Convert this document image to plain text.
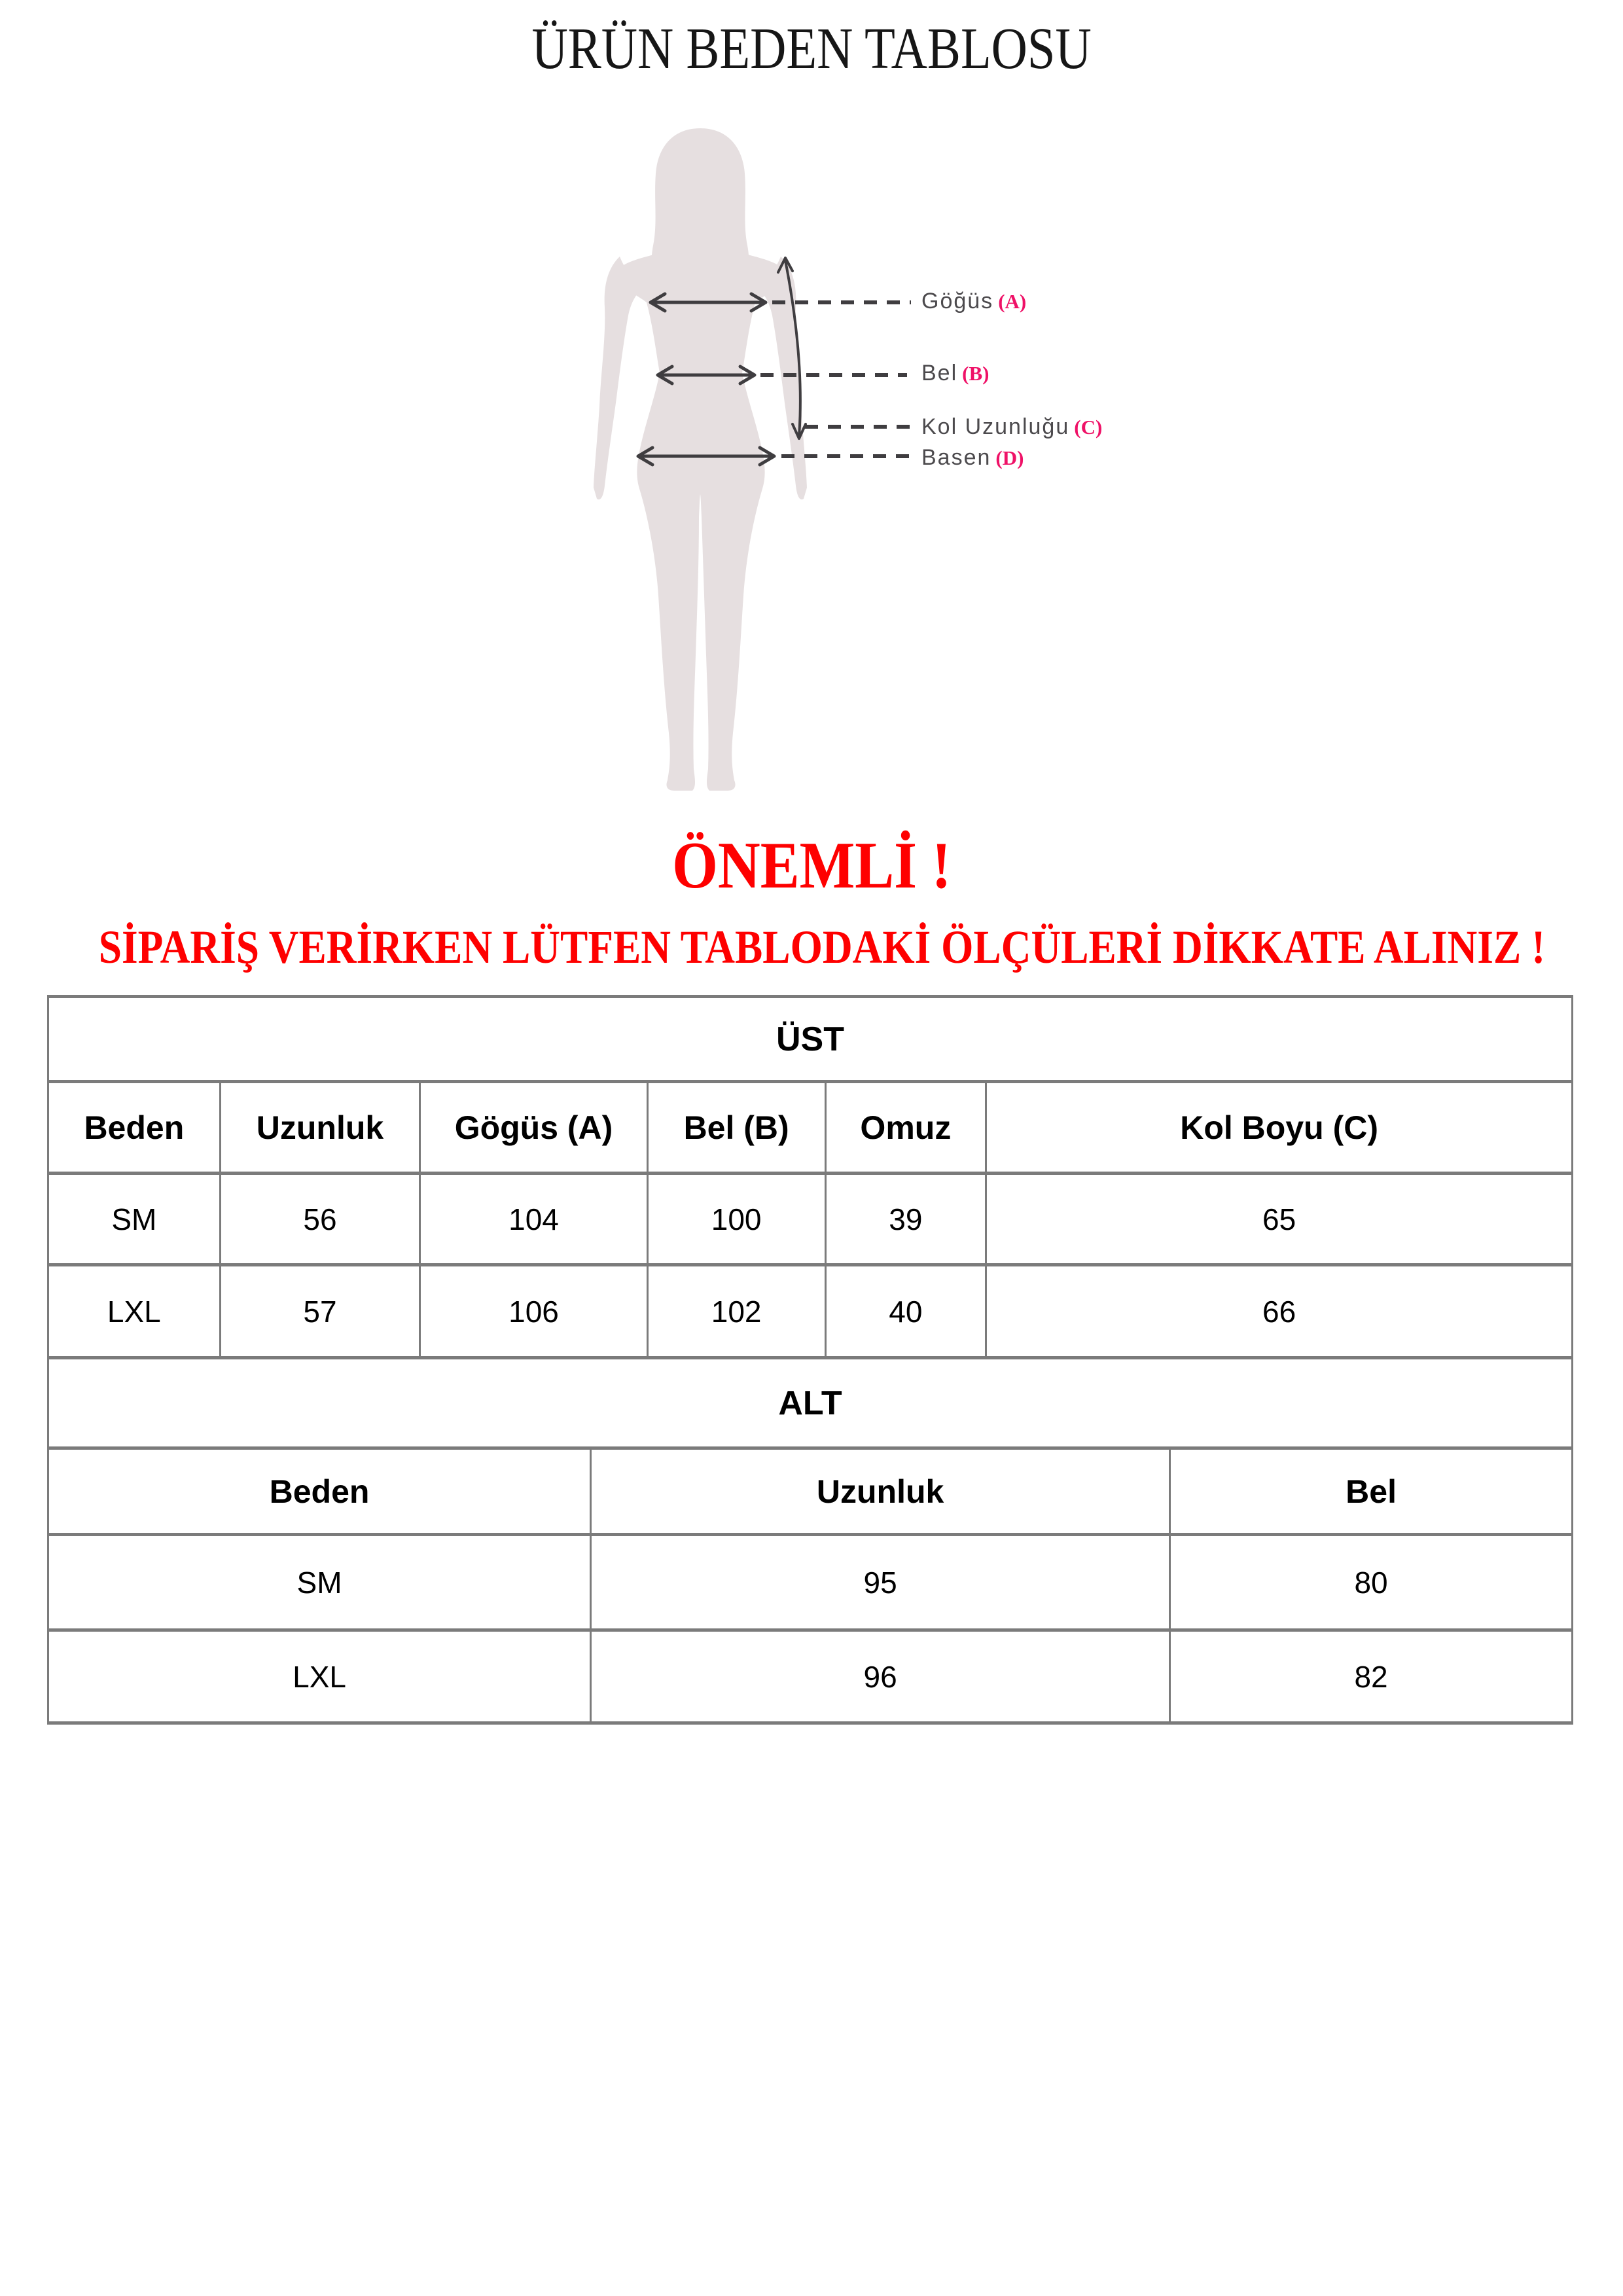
ÜRÜN BEDEN TABLOSU
Göğüs (A)
Bel (B)
Kol Uzunluğu (C)
Basen (D)
ÖNEMLİ !
SİPARİŞ VERİRKEN LÜTFEN TABLODAKİ ÖLÇÜLERİ DİKKATE ALINIZ !
ÜST					
Beden	Uzunluk	Gögüs (A)	Bel (B)	Omuz	Kol Boyu (C)
SM	56	104	100	39	65
LXL	57	106	102	40	66
ALT		
Beden	Uzunluk	Bel
SM	95	80
LXL	96	82
